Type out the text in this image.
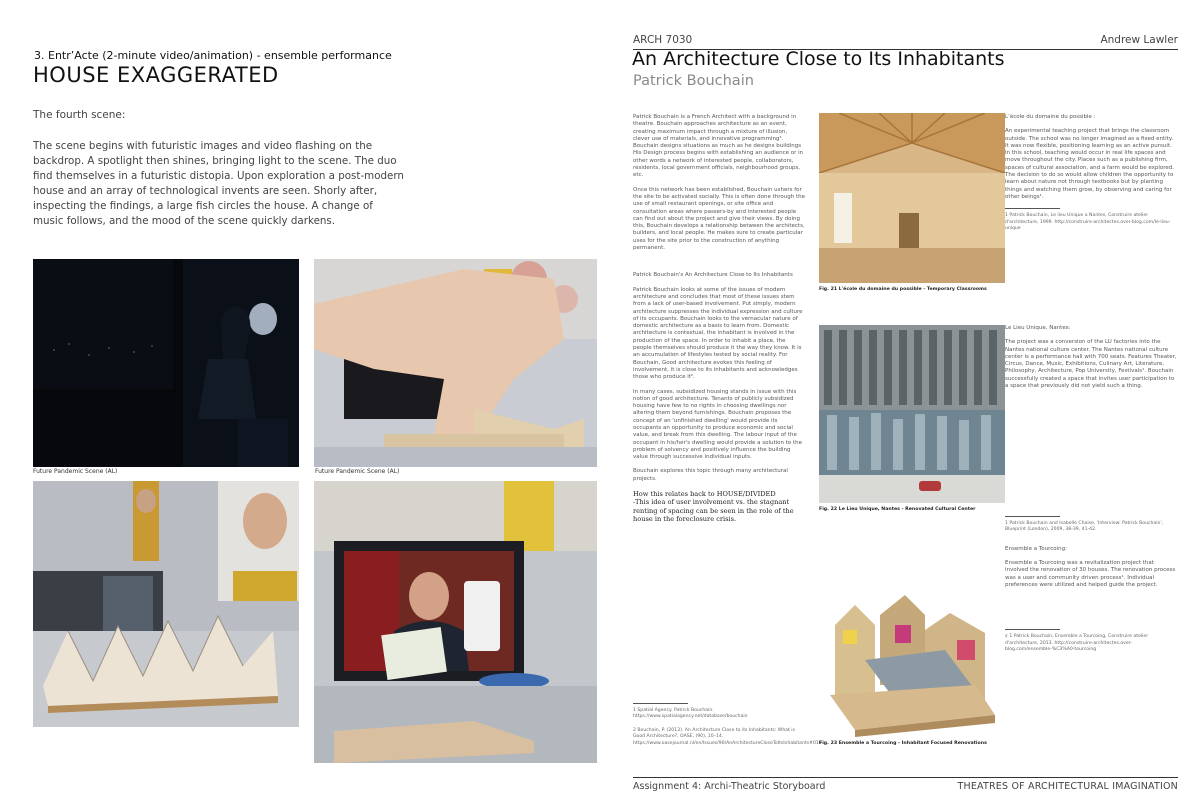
3. Entr’Acte (2-minute video/animation) - ensemble performance
HOUSE EXAGGERATED
The fourth scene:
The scene begins with futuristic images and video flashing on the backdrop. A spotlight then shines, bringing light to the scene. The duo find themselves in a futuristic distopia. Upon exploration a post-modern house and an array of technological invents are seen. Shorly after, inspecting the findings, a large fish circles the house. A change of music follows, and the mood of the scene quickly darkens.
Future Pandemic Scene (AL)	Future Pandemic Scene (AL)
ARCH 7030	Andrew Lawler
An Architecture Close to Its Inhabitants
Patrick Bouchain

Patrick Bouchain is a French Architect with a background in theatre. Bouchain approaches architecture as an event, creating maximum impact through a mixture of illusion, clever use of materials, and innovative programming¹. Bouchain designs situations as much as he designs buildings His Design process begins with establishing an audience or in other words a network of interested people, collaborators, residents, local government officials, neighbourhood groups, etc.

Once this network has been established, Bouchain ushers for the site to be activated socially. This is often done through the use of small restaurant openings, or site office and consultation areas where passers-by and interested people can find out about the project and give their views. By doing this, Bouchain develops a relationship between the architects, builders, and local people. He makes sure to create particular uses for the site prior to the construction of anything permanent.

Patrick Bouchain's An Architecture Close to Its Inhabitants

Patrick Bouchain looks at some of the issues of modern architecture and concludes that most of these issues stem from a lack of user-based involvement. Put simply, modern architecture suppresses the individual expression and culture of its occupants. Bouchain looks to the vernacular nature of domestic architecture as a basis to learn from. Domestic architecture is contextual, the inhabitant is involved in the production of the space. In order to inhabit a place, the people themselves should produce it the way they know. It is an accumulation of lifestyles tested by social reality. For Bouchain, Good architecture evokes this feeling of involvement, it is close to its inhabitants and acknowledges those who produce it².

In many cases, subsidized housing stands in issue with this notion of good architecture. Tenants of publicly subsidized housing have few to no rights in choosing dwellings nor altering them beyond furnishings. Bouchain proposes the concept of an 'unfinished dwelling' would provide its occupants an opportunity to produce economic and social value, and break from this dwelling. The labour input of the occupant in his/her's dwelling would provide a solution to the problem of solvency and positively influence the building value through successive individual inputs.

Bouchain explores this topic through many architectural projects.

How this relates back to HOUSE/DIVIDED
-This idea of user involvement vs. the stagnant renting of spacing can be seen in the role of the house in the foreclosure crisis.

1 Spatial Agency. Patrick Bouchain. https://www.spatialagency.net/database/bouchain

2 Bouchain, P. (2013). An Architecture Close to its Inhabitants: What is Good Architecture?, OASE, (90), 10–14. https://www.oasejournal.nl/en/Issues/90/AnArchitectureCloseToItsInhabitants#010

Fig. 21 L'école du domaine du possible - Temporary Classrooms
Fig. 22 Le Lieu Unique, Nantes - Renovated Cultural Center
Fig. 23 Ensemble a Tourcoing - Inhabitant Focused Renovations

L’école du domaine du possible :

An experimental teaching project that brings the classroom outside. The school was no longer imagined as a fixed entity. It was now flexible, positioning learning as an active pursuit. In this school, teaching would occur in real life spaces and move throughout the city. Places such as a publishing firm, spaces of cultural association, and a farm would be explored. The decision to do so would allow children the opportunity to learn about nature not through textbooks but by planting things and watching them grow, by observing and caring for other beings¹.

1 Patrick Bouchain, Le lieu Unique a Nantes, Construire atelier d'architecture, 1999. http://construire-architectes.over-blog.com/le-lieu-unique

Le Lieu Unique, Nantes:

The project was a conversion of the LU factories into the Nantes national culture center. The Nantes national culture center is a performance hall with 700 seats. Features Theater, Circus, Dance, Music, Exhibitions, Culinary Art, Literature, Philosophy, Architecture, Pop University, Festivals¹. Bouchain successfully created a space that invites user participation to a space that previously did not yield such a thing.

1 Patrick Bouchain and Isabelle Chaise, 'Interview: Patrick Bouchain', Blueprint (London), 2009, 38-39, 41-42.

Ensemble a Tourcoing:

Ensemble a Tourcoing was a revitalization project that involved the renovation of 30 houses. The renovation process was a user and community driven process¹. Individual preferences were utilized and helped guide the project.

¢ 1 Patrick Bouchain, Ensemble a Tourcoing, Construire atelier d'architecture, 2013. http://construire-architectes.over-blog.com/ensemble-%C3%A0-tourcoing

Assignment 4: Archi-Theatric Storyboard	THEATRES OF ARCHITECTURAL IMAGINATION
